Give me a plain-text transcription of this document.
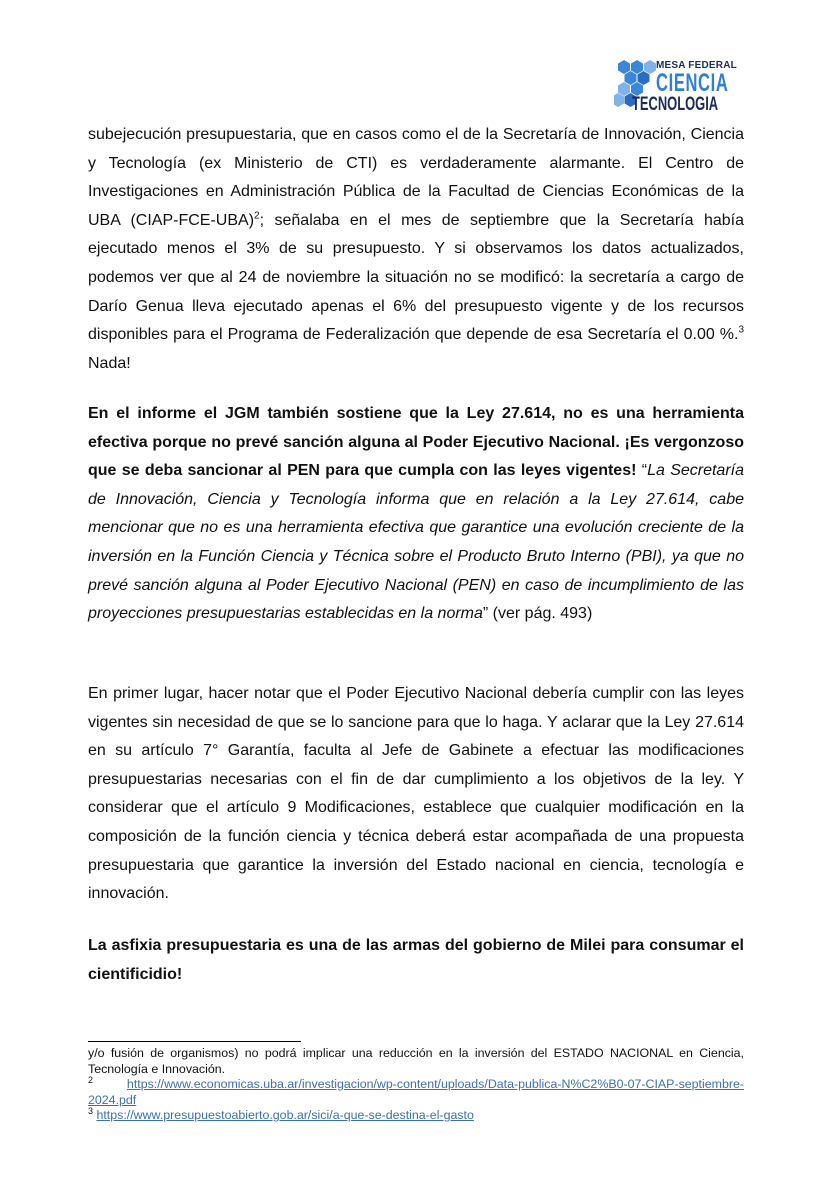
MESA FEDERAL
CIENCIA
TECNOLOGIA

subejecución presupuestaria, que en casos como el de la Secretaría de Innovación, Ciencia y Tecnología (ex Ministerio de CTI) es verdaderamente alarmante. El Centro de Investigaciones en Administración Pública de la Facultad de Ciencias Económicas de la UBA (CIAP-FCE-UBA)$^2$; señalaba en el mes de septiembre que la Secretaría había ejecutado menos el 3% de su presupuesto. Y si observamos los datos actualizados, podemos ver que al 24 de noviembre la situación no se modificó: la secretaría a cargo de Darío Genua lleva ejecutado apenas el 6% del presupuesto vigente y de los recursos disponibles para el Programa de Federalización que depende de esa Secretaría el 0.00 %.$^3$ Nada!

En el informe el JGM también sostiene que la Ley 27.614, no es una herramienta efectiva porque no prevé sanción alguna al Poder Ejecutivo Nacional. ¡Es vergonzoso que se deba sancionar al PEN para que cumpla con las leyes vigentes! “La Secretaría de Innovación, Ciencia y Tecnología informa que en relación a la Ley 27.614, cabe mencionar que no es una herramienta efectiva que garantice una evolución creciente de la inversión en la Función Ciencia y Técnica sobre el Producto Bruto Interno (PBI), ya que no prevé sanción alguna al Poder Ejecutivo Nacional (PEN) en caso de incumplimiento de las proyecciones presupuestarias establecidas en la norma” (ver pág. 493)

En primer lugar, hacer notar que el Poder Ejecutivo Nacional debería cumplir con las leyes vigentes sin necesidad de que se lo sancione para que lo haga. Y aclarar que la Ley 27.614 en su artículo 7° Garantía, faculta al Jefe de Gabinete a efectuar las modificaciones presupuestarias necesarias con el fin de dar cumplimiento a los objetivos de la ley. Y considerar que el artículo 9 Modificaciones, establece que cualquier modificación en la composición de la función ciencia y técnica deberá estar acompañada de una propuesta presupuestaria que garantice la inversión del Estado nacional en ciencia, tecnología e innovación.

La asfixia presupuestaria es una de las armas del gobierno de Milei para consumar el cientificidio!

y/o fusión de organismos) no podrá implicar una reducción en la inversión del ESTADO NACIONAL en Ciencia, Tecnología e Innovación.

$^2$	https://www.economicas.uba.ar/investigacion/wp-content/uploads/Data-publica-N%C2%B0-07-CIAP-septiembre-2024.pdf

$^3$ https://www.presupuestoabierto.gob.ar/sici/a-que-se-destina-el-gasto
